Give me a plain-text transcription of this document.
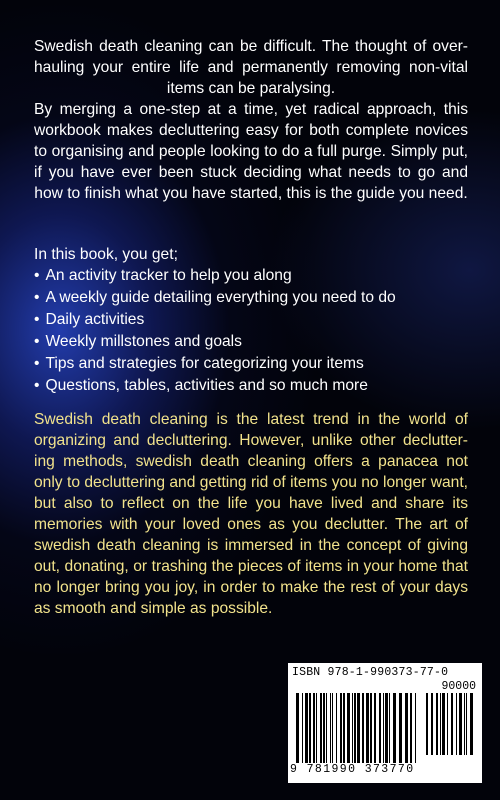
Swedish death cleaning can be difficult. The thought of over-hauling your entire life and permanently removing non-vital items can be paralysing.

By merging a one-step at a time, yet radical approach, this workbook makes decluttering easy for both complete novices to organising and people looking to do a full purge. Simply put, if you have ever been stuck deciding what needs to go and how to finish what you have started, this is the guide you need.

In this book, you get;

• An activity tracker to help you along
• A weekly guide detailing everything you need to do
• Daily activities
• Weekly millstones and goals
• Tips and strategies for categorizing your items
• Questions, tables, activities and so much more

Swedish death cleaning is the latest trend in the world of organizing and decluttering. However, unlike other declutter-ing methods, swedish death cleaning offers a panacea not only to decluttering and getting rid of items you no longer want, but also to reflect on the life you have lived and share its memories with your loved ones as you declutter. The art of swedish death cleaning is immersed in the concept of giving out, donating, or trashing the pieces of items in your home that no longer bring you joy, in order to make the rest of your days as smooth and simple as possible.

ISBN 978-1-990373-77-0
90000
9 781990 373770
